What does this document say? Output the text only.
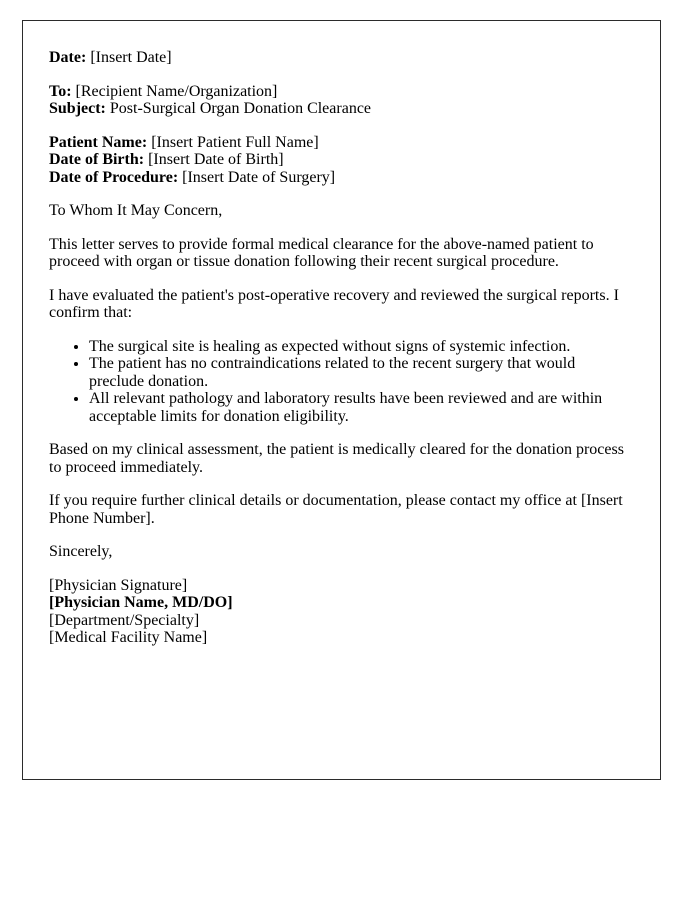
Date: [Insert Date]

To: [Recipient Name/Organization]
Subject: Post-Surgical Organ Donation Clearance

Patient Name: [Insert Patient Full Name]
Date of Birth: [Insert Date of Birth]
Date of Procedure: [Insert Date of Surgery]

To Whom It May Concern,

This letter serves to provide formal medical clearance for the above-named patient to proceed with organ or tissue donation following their recent surgical procedure.

I have evaluated the patient's post-operative recovery and reviewed the surgical reports. I confirm that:

• The surgical site is healing as expected without signs of systemic infection.
• The patient has no contraindications related to the recent surgery that would preclude donation.
• All relevant pathology and laboratory results have been reviewed and are within acceptable limits for donation eligibility.

Based on my clinical assessment, the patient is medically cleared for the donation process to proceed immediately.

If you require further clinical details or documentation, please contact my office at [Insert Phone Number].

Sincerely,

[Physician Signature]
[Physician Name, MD/DO]
[Department/Specialty]
[Medical Facility Name]
